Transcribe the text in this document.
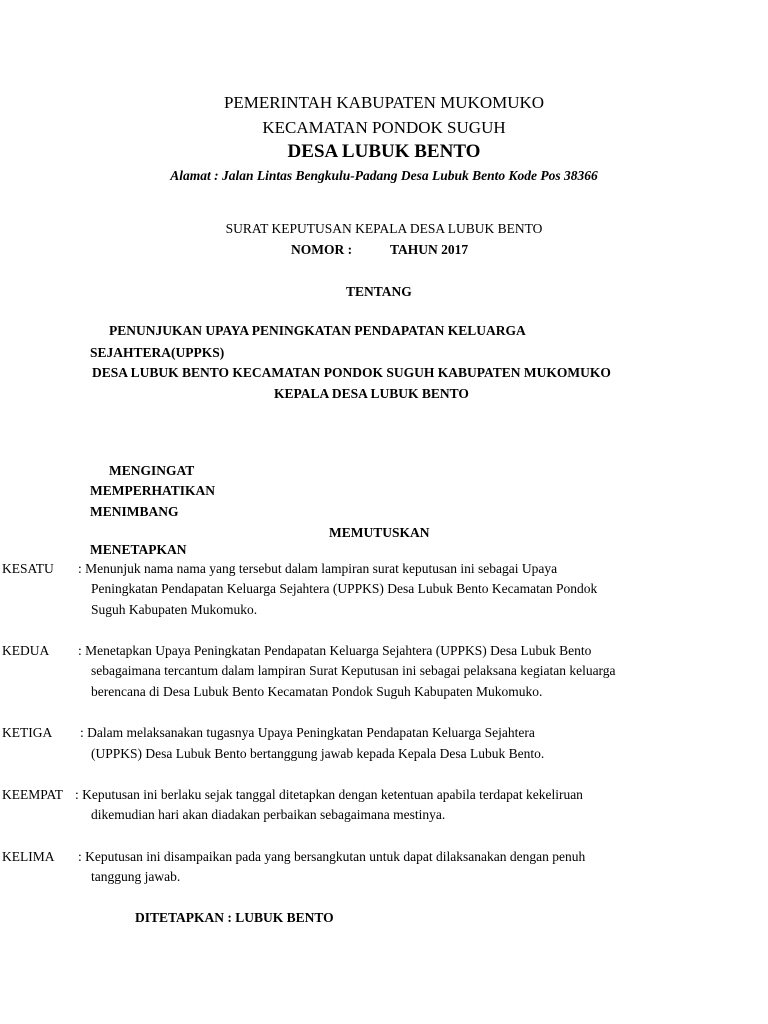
PEMERINTAH KABUPATEN MUKOMUKO
KECAMATAN PONDOK SUGUH
DESA LUBUK BENTO
Alamat : Jalan Lintas Bengkulu-Padang Desa Lubuk Bento Kode Pos 38366
SURAT KEPUTUSAN KEPALA DESA LUBUK BENTO
NOMOR :	TAHUN 2017
TENTANG
PENUNJUKAN UPAYA PENINGKATAN PENDAPATAN KELUARGA
SEJAHTERA(UPPKS)
DESA LUBUK BENTO KECAMATAN PONDOK SUGUH KABUPATEN MUKOMUKO
KEPALA DESA LUBUK BENTO
MENGINGAT
MEMPERHATIKAN
MENIMBANG
MEMUTUSKAN
MENETAPKAN
KESATU : Menunjuk nama nama yang tersebut dalam lampiran surat keputusan ini sebagai Upaya
Peningkatan Pendapatan Keluarga Sejahtera (UPPKS) Desa Lubuk Bento Kecamatan Pondok
Suguh Kabupaten Mukomuko.
KEDUA : Menetapkan Upaya Peningkatan Pendapatan Keluarga Sejahtera (UPPKS) Desa Lubuk Bento
sebagaimana tercantum dalam lampiran Surat Keputusan ini sebagai pelaksana kegiatan keluarga
berencana di Desa Lubuk Bento Kecamatan Pondok Suguh Kabupaten Mukomuko.
KETIGA : Dalam melaksanakan tugasnya Upaya Peningkatan Pendapatan Keluarga Sejahtera
(UPPKS) Desa Lubuk Bento bertanggung jawab kepada Kepala Desa Lubuk Bento.
KEEMPAT : Keputusan ini berlaku sejak tanggal ditetapkan dengan ketentuan apabila terdapat kekeliruan
dikemudian hari akan diadakan perbaikan sebagaimana mestinya.
KELIMA : Keputusan ini disampaikan pada yang bersangkutan untuk dapat dilaksanakan dengan penuh
tanggung jawab.
DITETAPKAN : LUBUK BENTO
